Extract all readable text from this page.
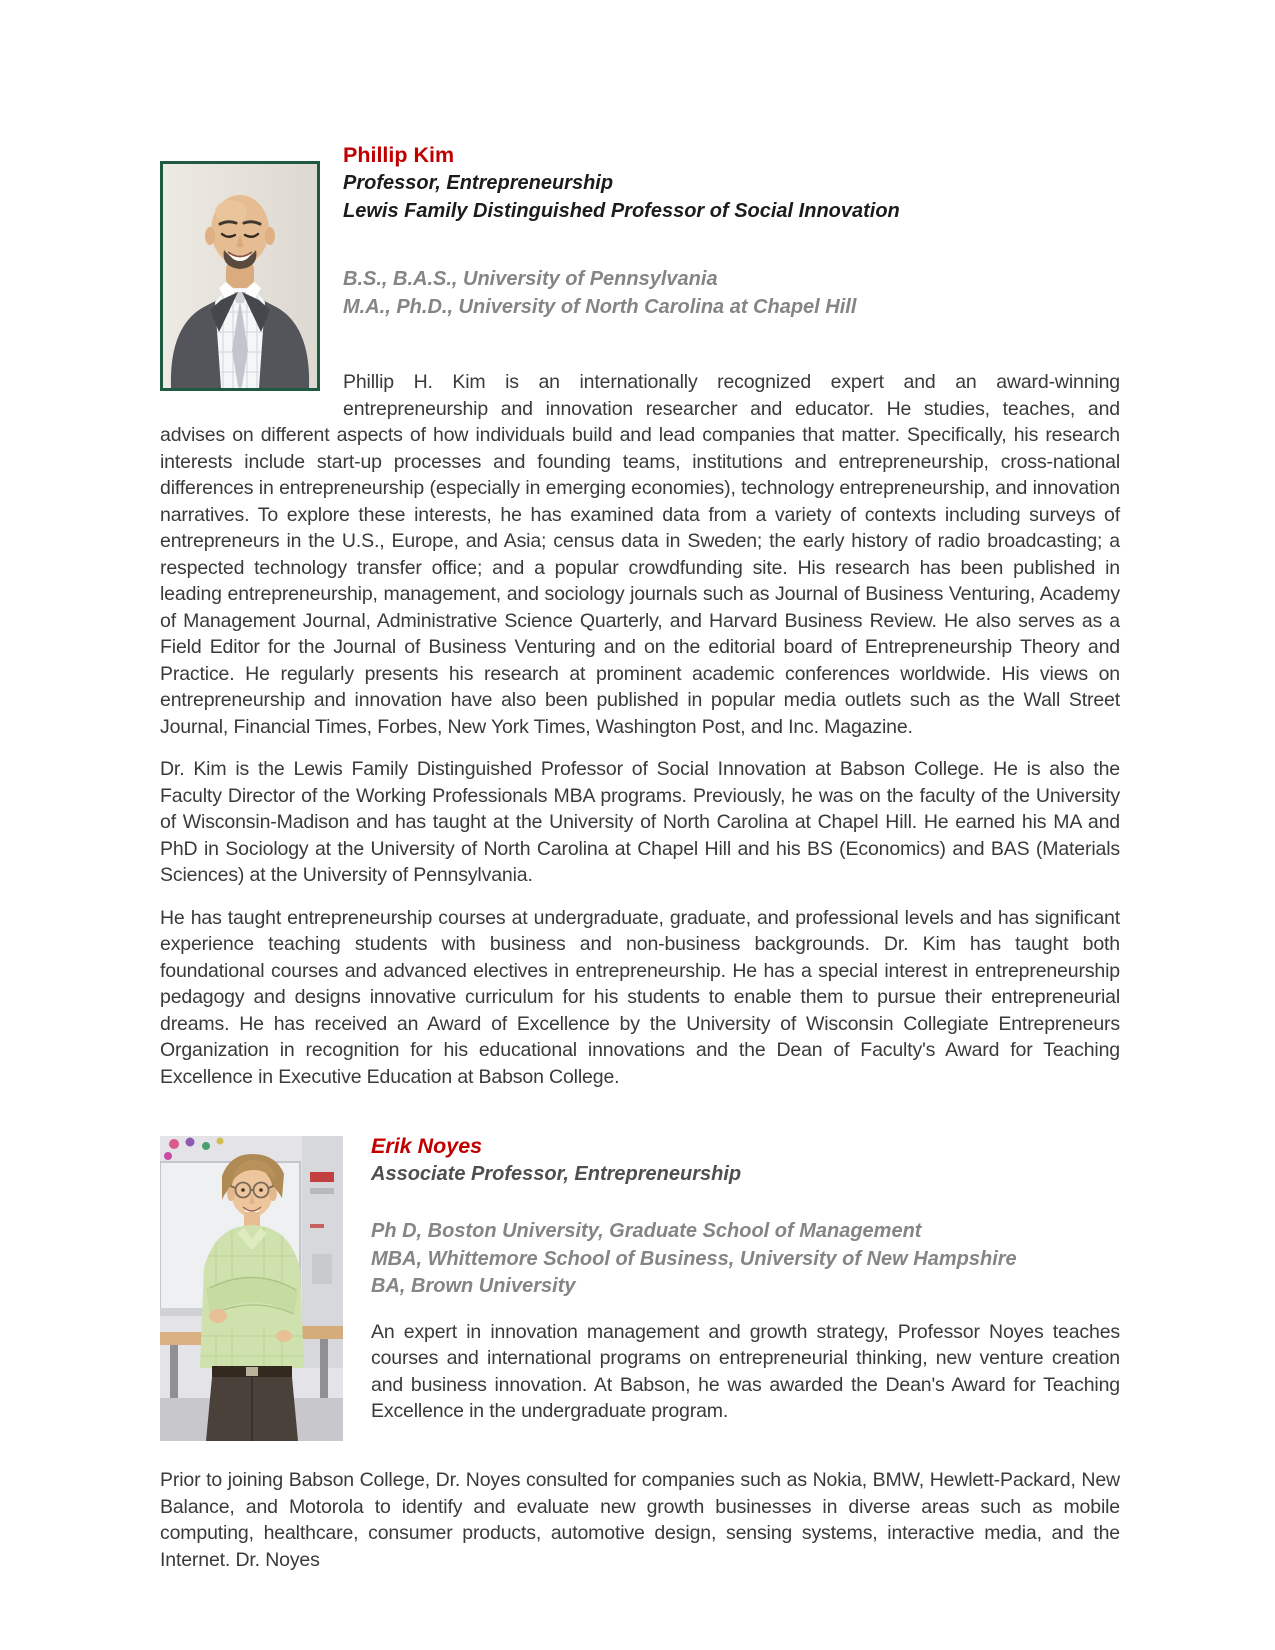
Phillip Kim
Professor, Entrepreneurship
Lewis Family Distinguished Professor of Social Innovation
B.S., B.A.S., University of Pennsylvania
M.A., Ph.D., University of North Carolina at Chapel Hill

Phillip H. Kim is an internationally recognized expert and an award-winning entrepreneurship and innovation researcher and educator. He studies, teaches, and advises on different aspects of how individuals build and lead companies that matter. Specifically, his research interests include start-up processes and founding teams, institutions and entrepreneurship, cross-national differences in entrepreneurship (especially in emerging economies), technology entrepreneurship, and innovation narratives. To explore these interests, he has examined data from a variety of contexts including surveys of entrepreneurs in the U.S., Europe, and Asia; census data in Sweden; the early history of radio broadcasting; a respected technology transfer office; and a popular crowdfunding site. His research has been published in leading entrepreneurship, management, and sociology journals such as Journal of Business Venturing, Academy of Management Journal, Administrative Science Quarterly, and Harvard Business Review. He also serves as a Field Editor for the Journal of Business Venturing and on the editorial board of Entrepreneurship Theory and Practice. He regularly presents his research at prominent academic conferences worldwide. His views on entrepreneurship and innovation have also been published in popular media outlets such as the Wall Street Journal, Financial Times, Forbes, New York Times, Washington Post, and Inc. Magazine.

Dr. Kim is the Lewis Family Distinguished Professor of Social Innovation at Babson College. He is also the Faculty Director of the Working Professionals MBA programs. Previously, he was on the faculty of the University of Wisconsin-Madison and has taught at the University of North Carolina at Chapel Hill. He earned his MA and PhD in Sociology at the University of North Carolina at Chapel Hill and his BS (Economics) and BAS (Materials Sciences) at the University of Pennsylvania.

He has taught entrepreneurship courses at undergraduate, graduate, and professional levels and has significant experience teaching students with business and non-business backgrounds. Dr. Kim has taught both foundational courses and advanced electives in entrepreneurship. He has a special interest in entrepreneurship pedagogy and designs innovative curriculum for his students to enable them to pursue their entrepreneurial dreams. He has received an Award of Excellence by the University of Wisconsin Collegiate Entrepreneurs Organization in recognition for his educational innovations and the Dean of Faculty's Award for Teaching Excellence in Executive Education at Babson College.

Erik Noyes
Associate Professor, Entrepreneurship
Ph D, Boston University, Graduate School of Management
MBA, Whittemore School of Business, University of New Hampshire
BA, Brown University

An expert in innovation management and growth strategy, Professor Noyes teaches courses and international programs on entrepreneurial thinking, new venture creation and business innovation. At Babson, he was awarded the Dean's Award for Teaching Excellence in the undergraduate program.

Prior to joining Babson College, Dr. Noyes consulted for companies such as Nokia, BMW, Hewlett-Packard, New Balance, and Motorola to identify and evaluate new growth businesses in diverse areas such as mobile computing, healthcare, consumer products, automotive design, sensing systems, interactive media, and the Internet. Dr. Noyes
